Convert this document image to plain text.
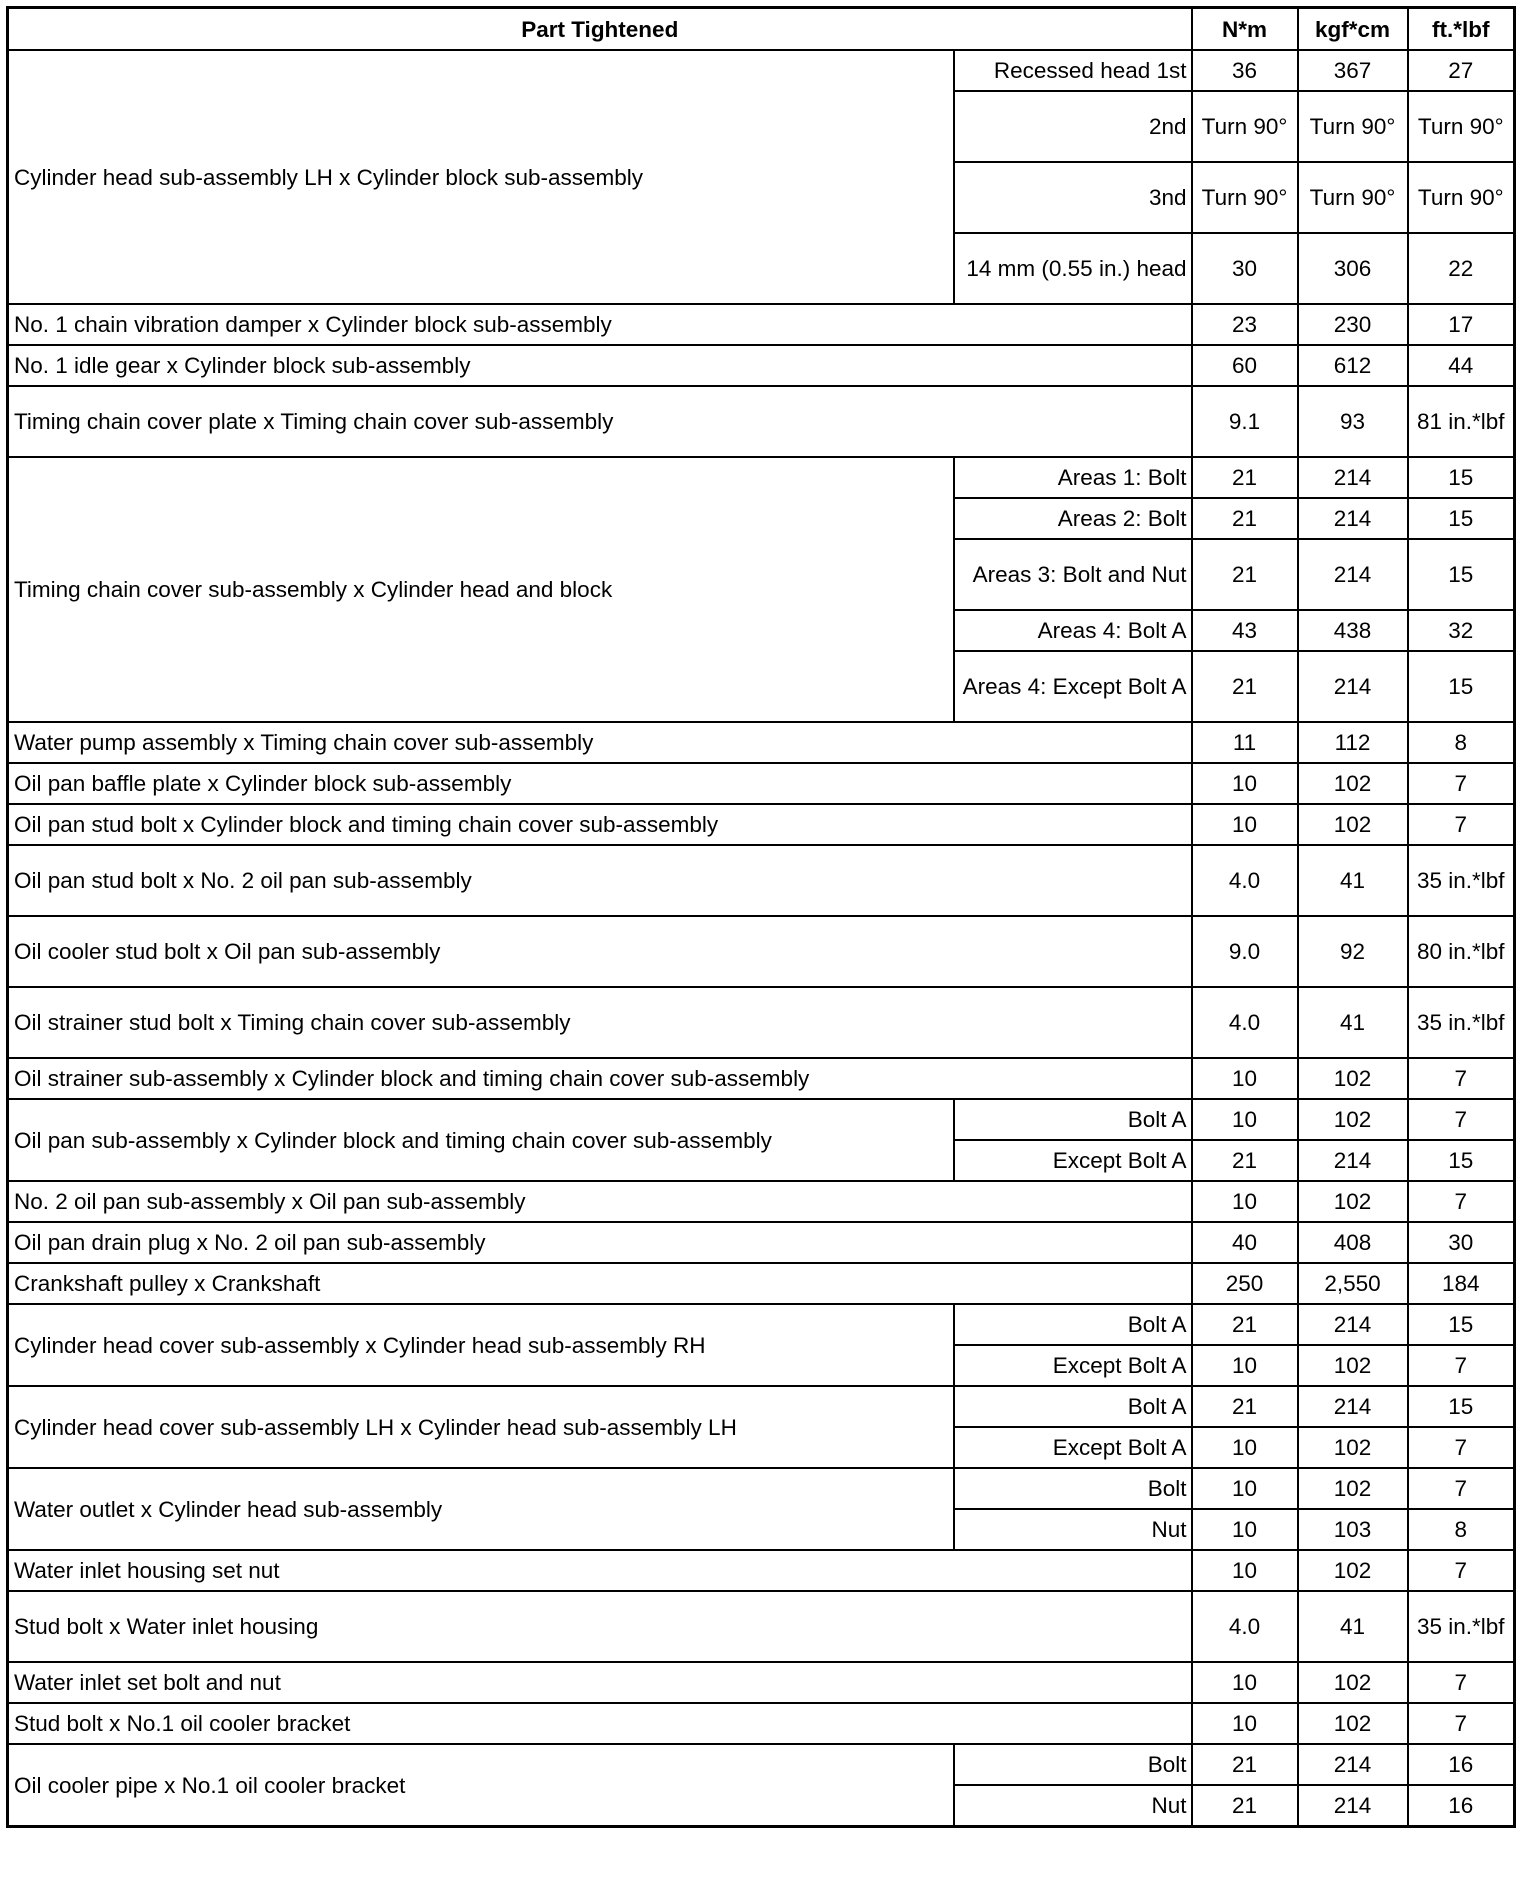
Part Tightened		N*m	kgf*cm	ft.*lbf
Cylinder head sub-assembly LH x Cylinder block sub-assembly	Recessed head 1st	36	367	27
	2nd	Turn 90°	Turn 90°	Turn 90°
	3nd	Turn 90°	Turn 90°	Turn 90°
	14 mm (0.55 in.) head	30	306	22
No. 1 chain vibration damper x Cylinder block sub-assembly		23	230	17
No. 1 idle gear x Cylinder block sub-assembly		60	612	44
Timing chain cover plate x Timing chain cover sub-assembly		9.1	93	81 in.*lbf
Timing chain cover sub-assembly x Cylinder head and block	Areas 1: Bolt	21	214	15
	Areas 2: Bolt	21	214	15
	Areas 3: Bolt and Nut	21	214	15
	Areas 4: Bolt A	43	438	32
	Areas 4: Except Bolt A	21	214	15
Water pump assembly x Timing chain cover sub-assembly		11	112	8
Oil pan baffle plate x Cylinder block sub-assembly		10	102	7
Oil pan stud bolt x Cylinder block and timing chain cover sub-assembly		10	102	7
Oil pan stud bolt x No. 2 oil pan sub-assembly		4.0	41	35 in.*lbf
Oil cooler stud bolt x Oil pan sub-assembly		9.0	92	80 in.*lbf
Oil strainer stud bolt x Timing chain cover sub-assembly		4.0	41	35 in.*lbf
Oil strainer sub-assembly x Cylinder block and timing chain cover sub-assembly		10	102	7
Oil pan sub-assembly x Cylinder block and timing chain cover sub-assembly	Bolt A	10	102	7
	Except Bolt A	21	214	15
No. 2 oil pan sub-assembly x Oil pan sub-assembly		10	102	7
Oil pan drain plug x No. 2 oil pan sub-assembly		40	408	30
Crankshaft pulley x Crankshaft		250	2,550	184
Cylinder head cover sub-assembly x Cylinder head sub-assembly RH	Bolt A	21	214	15
	Except Bolt A	10	102	7
Cylinder head cover sub-assembly LH x Cylinder head sub-assembly LH	Bolt A	21	214	15
	Except Bolt A	10	102	7
Water outlet x Cylinder head sub-assembly	Bolt	10	102	7
	Nut	10	103	8
Water inlet housing set nut		10	102	7
Stud bolt x Water inlet housing		4.0	41	35 in.*lbf
Water inlet set bolt and nut		10	102	7
Stud bolt x No.1 oil cooler bracket		10	102	7
Oil cooler pipe x No.1 oil cooler bracket	Bolt	21	214	16
	Nut	21	214	16
